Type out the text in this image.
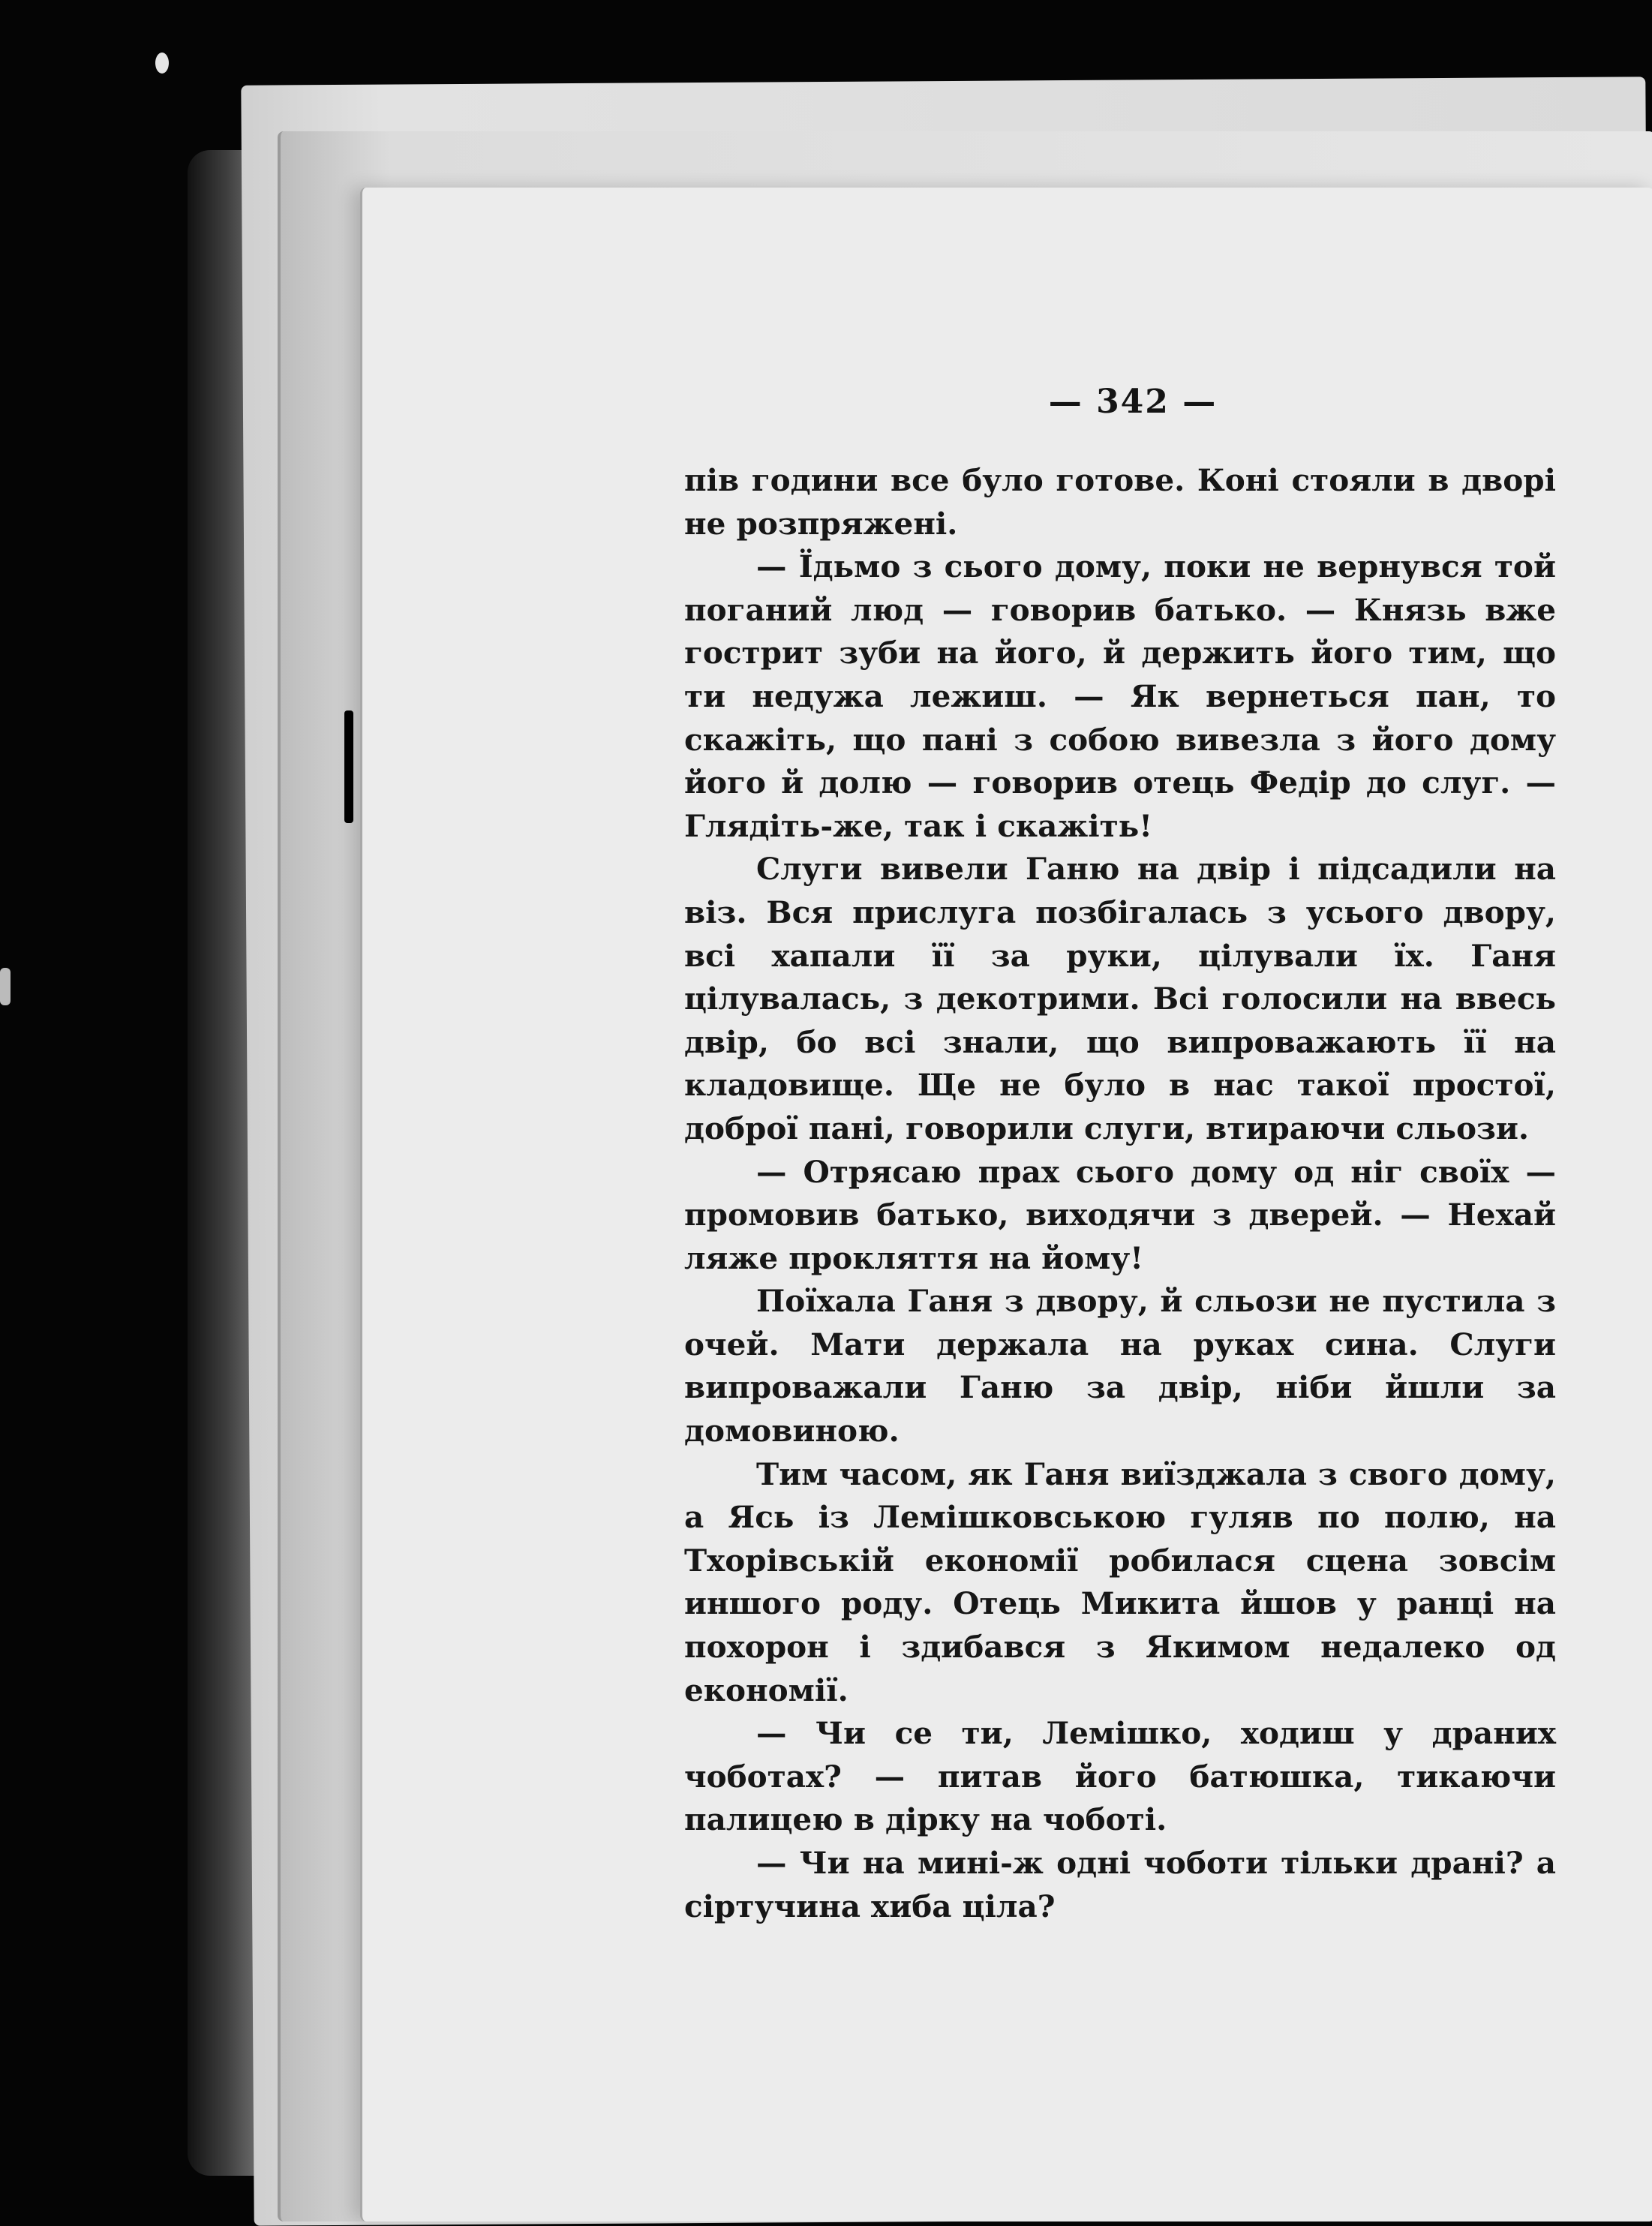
— 342 —

пів години все було готове. Коні стояли в дворі не розпряжені.

— Їдьмо з сього дому, поки не вернувся той поганий люд — говорив батько. — Князь вже гострит зуби на його, й держить його тим, що ти недужа лежиш. — Як вернеться пан, то скажіть, що пані з собою вивезла з його дому його й долю — говорив отець Федір до слуг. — Глядіть-же, так і скажіть!

Слуги вивели Ганю на двір і підсадили на віз. Вся прислуга позбігалась з усього двору, всі хапали її за руки, цілували їх. Ганя цілувалась, з декотрими. Всі голосили на ввесь двір, бо всі знали, що випроважають її на кладовище. Ще не було в нас такої простої, доброї пані, говорили слуги, втираючи сльози.

— Отрясаю прах сього дому од ніг своїх — промовив батько, виходячи з дверей. — Нехай ляже прокляття на йому!

Поїхала Ганя з двору, й сльози не пустила з очей. Мати держала на руках сина. Слуги випроважали Ганю за двір, ніби йшли за домовиною.

Тим часом, як Ганя виїзджала з свого дому, а Ясь із Лемішковською гуляв по полю, на Тхорівській економії робилася сцена зовсім иншого роду. Отець Микита йшов у ранці на похорон і здибався з Якимом недалеко од економії.

— Чи се ти, Лемішко, ходиш у драних чоботах? — питав його батюшка, тикаючи палицею в дірку на чоботі.

— Чи на мині-ж одні чоботи тільки драні? а сіртучина хиба ціла?
